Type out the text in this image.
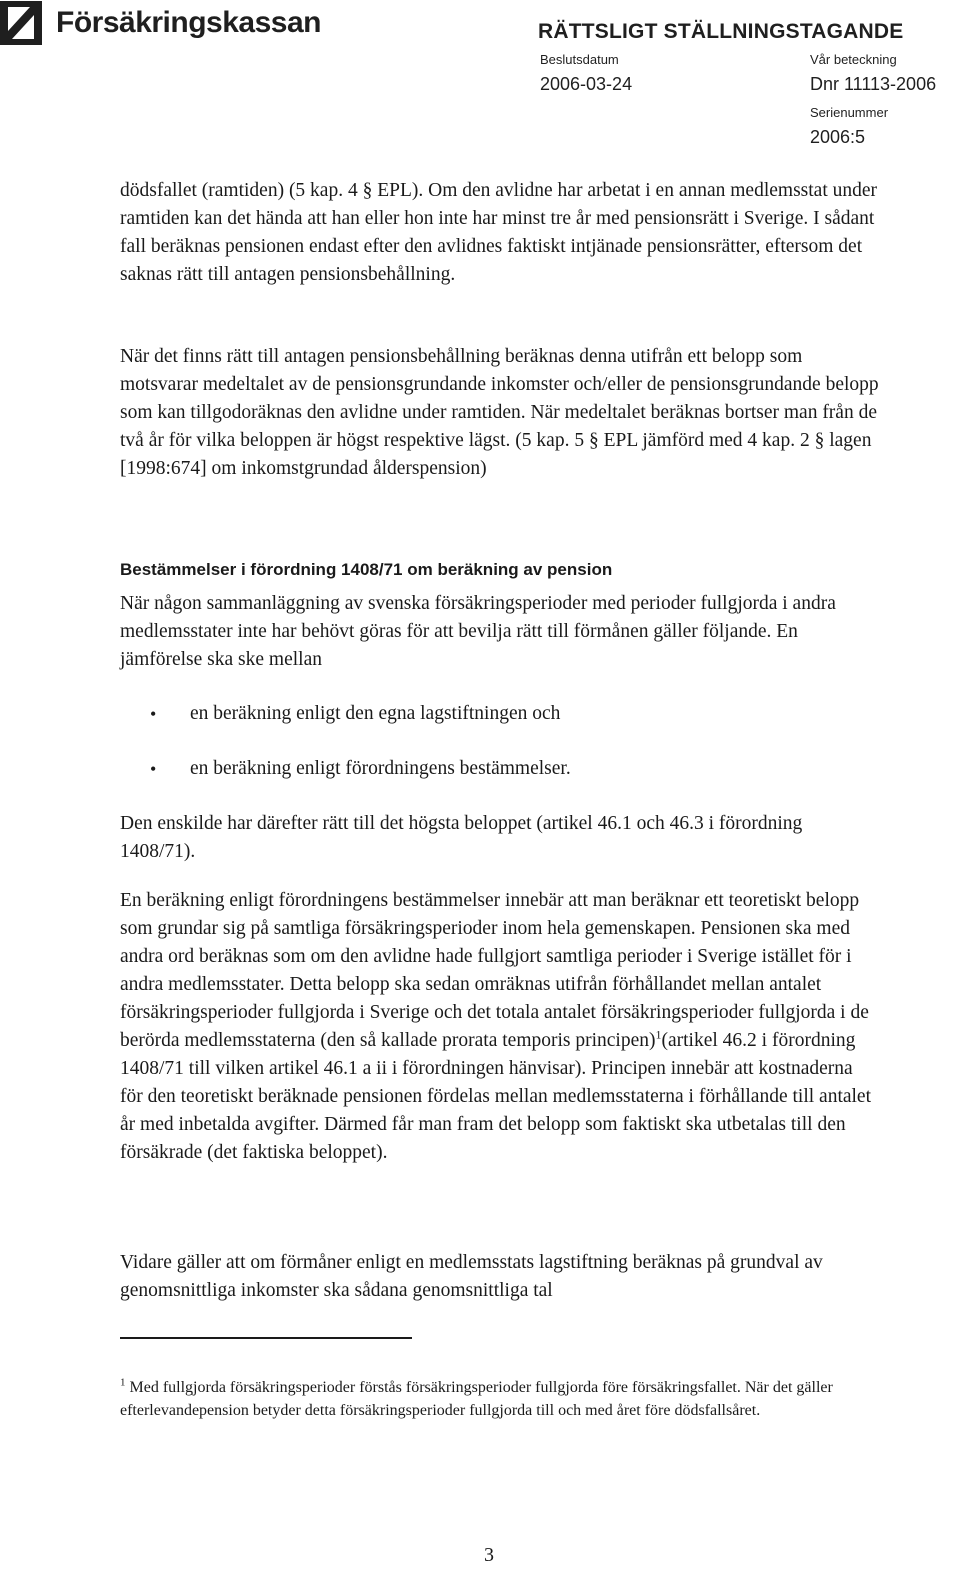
Försäkringskassan	RÄTTSLIGT STÄLLNINGSTAGANDE
Beslutsdatum
2006-03-24
Vår beteckning
Dnr 11113-2006
Serienummer
2006:5

dödsfallet (ramtiden) (5 kap. 4 § EPL). Om den avlidne har arbetat i en annan medlemsstat under ramtiden kan det hända att han eller hon inte har minst tre år med pensionsrätt i Sverige. I sådant fall beräknas pensionen endast efter den avlidnes faktiskt intjänade pensionsrätter, eftersom det saknas rätt till antagen pensionsbehållning.

När det finns rätt till antagen pensionsbehållning beräknas denna utifrån ett belopp som motsvarar medeltalet av de pensionsgrundande inkomster och/eller de pensionsgrundande belopp som kan tillgodoräknas den avlidne under ramtiden. När medeltalet beräknas bortser man från de två år för vilka beloppen är högst respektive lägst. (5 kap. 5 § EPL jämförd med 4 kap. 2 § lagen [1998:674] om inkomstgrundad ålderspension)

Bestämmelser i förordning 1408/71 om beräkning av pension

När någon sammanläggning av svenska försäkringsperioder med perioder fullgjorda i andra medlemsstater inte har behövt göras för att bevilja rätt till förmånen gäller följande. En jämförelse ska ske mellan

•	en beräkning enligt den egna lagstiftningen och
•	en beräkning enligt förordningens bestämmelser.

Den enskilde har därefter rätt till det högsta beloppet (artikel 46.1 och 46.3 i förordning 1408/71).

En beräkning enligt förordningens bestämmelser innebär att man beräknar ett teoretiskt belopp som grundar sig på samtliga försäkringsperioder inom hela gemenskapen. Pensionen ska med andra ord beräknas som om den avlidne hade fullgjort samtliga perioder i Sverige istället för i andra medlemsstater. Detta belopp ska sedan omräknas utifrån förhållandet mellan antalet försäkringsperioder fullgjorda i Sverige och det totala antalet försäkringsperioder fullgjorda i de berörda medlemsstaterna (den så kallade prorata temporis principen)$^1$(artikel 46.2 i förordning 1408/71 till vilken artikel 46.1 a ii i förordningen hänvisar). Principen innebär att kostnaderna för den teoretiskt beräknade pensionen fördelas mellan medlemsstaterna i förhållande till antalet år med inbetalda avgifter. Därmed får man fram det belopp som faktiskt ska utbetalas till den försäkrade (det faktiska beloppet).

Vidare gäller att om förmåner enligt en medlemsstats lagstiftning beräknas på grundval av genomsnittliga inkomster ska sådana genomsnittliga tal

$^1$ Med fullgjorda försäkringsperioder förstås försäkringsperioder fullgjorda före försäkringsfallet. När det gäller efterlevandepension betyder detta försäkringsperioder fullgjorda till och med året före dödsfallsåret.
3
